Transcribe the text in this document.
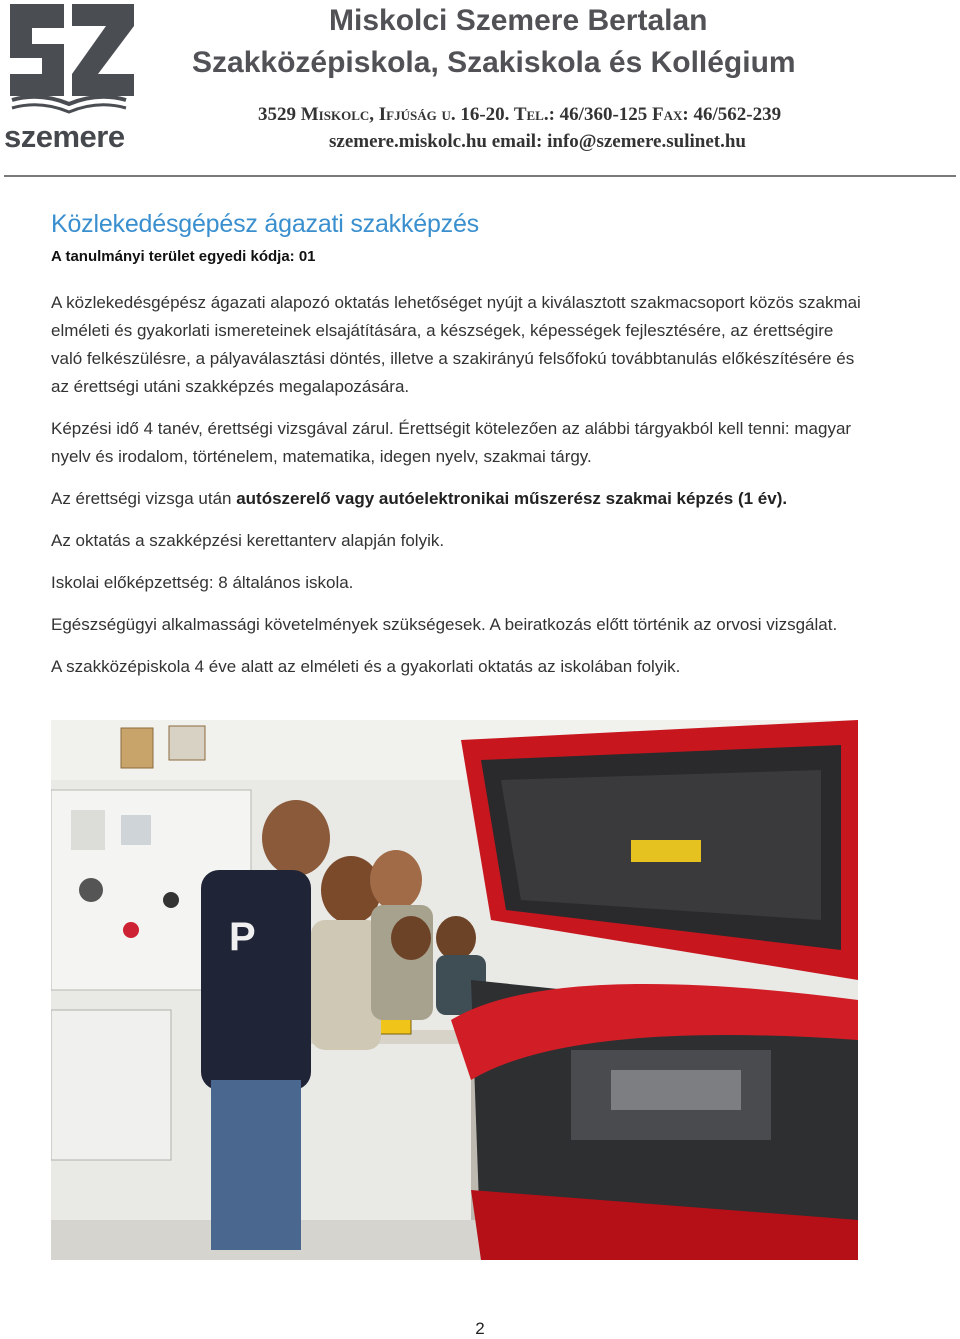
szemere
Miskolci Szemere Bertalan
Szakközépiskola, Szakiskola és Kollégium
3529 Miskolc, Ifjúság u. 16-20. Tel.: 46/360-125 Fax: 46/562-239
szemere.miskolc.hu email: info@szemere.sulinet.hu
Közlekedésgépész ágazati szakképzés

A tanulmányi terület egyedi kódja: 01

A közlekedésgépész ágazati alapozó oktatás lehetőséget nyújt a kiválasztott szakmacsoport közös szakmai elméleti és gyakorlati ismereteinek elsajátítására, a készségek, képességek fejlesztésére, az érettségire való felkészülésre, a pályaválasztási döntés, illetve a szakirányú felsőfokú továbbtanulás előkészítésére és az érettségi utáni szakképzés megalapozására.

Képzési idő 4 tanév, érettségi vizsgával zárul. Érettségit kötelezően az alábbi tárgyakból kell tenni: magyar nyelv és irodalom, történelem, matematika, idegen nyelv, szakmai tárgy.

Az érettségi vizsga után autószerelő vagy autóelektronikai műszerész szakmai képzés (1 év).

Az oktatás a szakképzési kerettanterv alapján folyik.

Iskolai előképzettség: 8 általános iskola.

Egészségügyi alkalmassági követelmények szükségesek. A beiratkozás előtt történik az orvosi vizsgálat.

A szakközépiskola 4 éve alatt az elméleti és a gyakorlati oktatás az iskolában folyik.

P
2
